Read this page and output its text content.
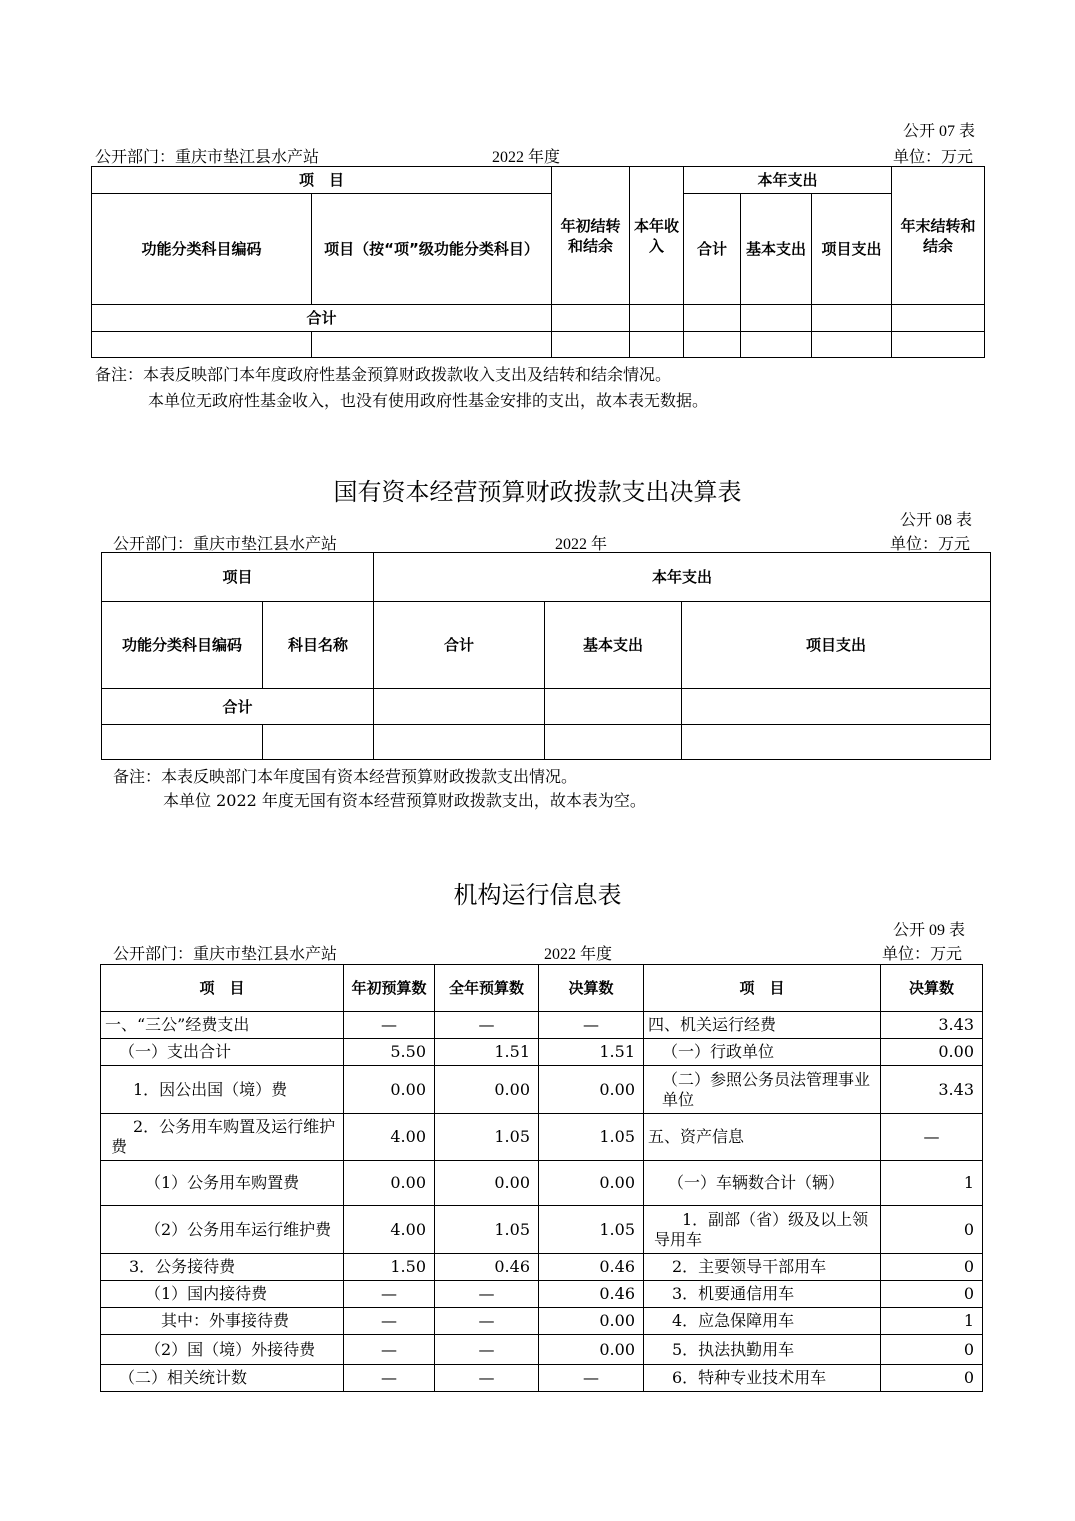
公开 07 表
公开部门：重庆市垫江县水产站	2022 年度	单位：万元
项　目		年初结转和结余	本年收入	本年支出			年末结转和结余
功能分类科目编码	项目（按“项”级功能分类科目）			合计	基本支出	项目支出	
合计							

备注：本表反映部门本年度政府性基金预算财政拨款收入支出及结转和结余情况。
本单位无政府性基金收入，也没有使用政府性基金安排的支出，故本表无数据。
国有资本经营预算财政拨款支出决算表
公开 08 表
公开部门：重庆市垫江县水产站	2022 年	单位：万元
项目		本年支出		
功能分类科目编码	科目名称	合计	基本支出	项目支出
合计				

备注：本表反映部门本年度国有资本经营预算财政拨款支出情况。
本单位 2022 年度无国有资本经营预算财政拨款支出，故本表为空。
机构运行信息表
公开 09 表
公开部门：重庆市垫江县水产站	2022 年度	单位：万元
项　目	年初预算数	全年预算数	决算数	项　目	决算数
一、“三公”经费支出	—	—	—	四、机关运行经费	3.43
（一）支出合计	5.50	1.51	1.51	（一）行政单位	0.00
1．因公出国（境）费	0.00	0.00	0.00	（二）参照公务员法管理事业单位	3.43
2．公务用车购置及运行维护费	4.00	1.05	1.05	五、资产信息	—
（1）公务用车购置费	0.00	0.00	0.00	（一）车辆数合计（辆）	1
（2）公务用车运行维护费	4.00	1.05	1.05	1．副部（省）级及以上领导用车	0
3．公务接待费	1.50	0.46	0.46	2．主要领导干部用车	0
（1）国内接待费	—	—	0.46	3．机要通信用车	0
其中：外事接待费	—	—	0.00	4．应急保障用车	1
（2）国（境）外接待费	—	—	0.00	5．执法执勤用车	0
（二）相关统计数	—	—	—	6．特种专业技术用车	0
